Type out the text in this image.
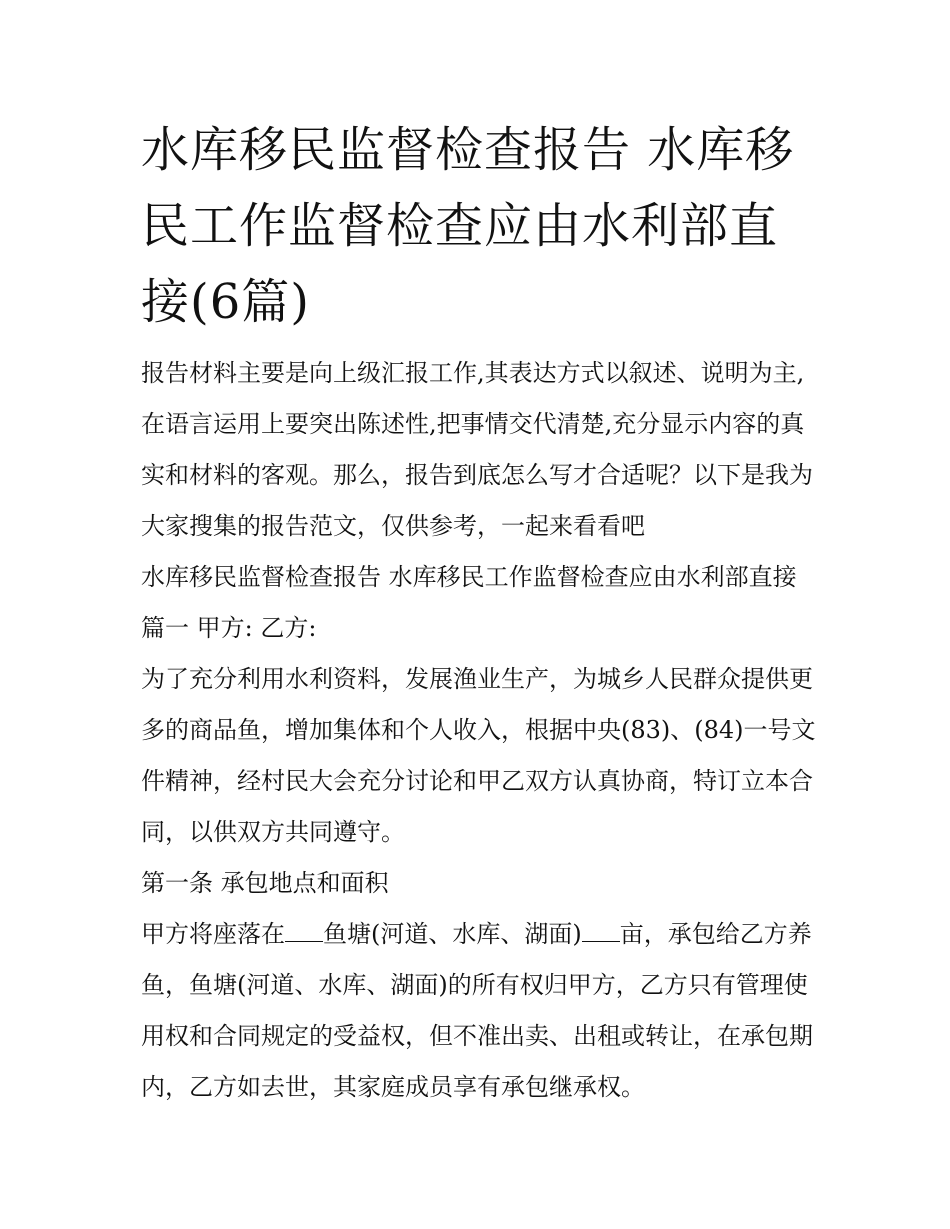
水库移民监督检查报告 水库移民工作监督检查应由水利部直接(6篇)

报告材料主要是向上级汇报工作,其表达方式以叙述、说明为主,在语言运用上要突出陈述性,把事情交代清楚,充分显示内容的真实和材料的客观。那么，报告到底怎么写才合适呢？以下是我为大家搜集的报告范文，仅供参考，一起来看看吧

水库移民监督检查报告 水库移民工作监督检查应由水利部直接篇一 甲方: 乙方:

为了充分利用水利资料，发展渔业生产，为城乡人民群众提供更多的商品鱼，增加集体和个人收入，根据中央(83)、(84)一号文件精神，经村民大会充分讨论和甲乙双方认真协商，特订立本合同，以供双方共同遵守。

第一条 承包地点和面积

甲方将座落在 鱼塘(河道、水库、湖面) 亩，承包给乙方养鱼，鱼塘(河道、水库、湖面)的所有权归甲方，乙方只有管理使用权和合同规定的受益权，但不准出卖、出租或转让，在承包期内，乙方如去世，其家庭成员享有承包继承权。
